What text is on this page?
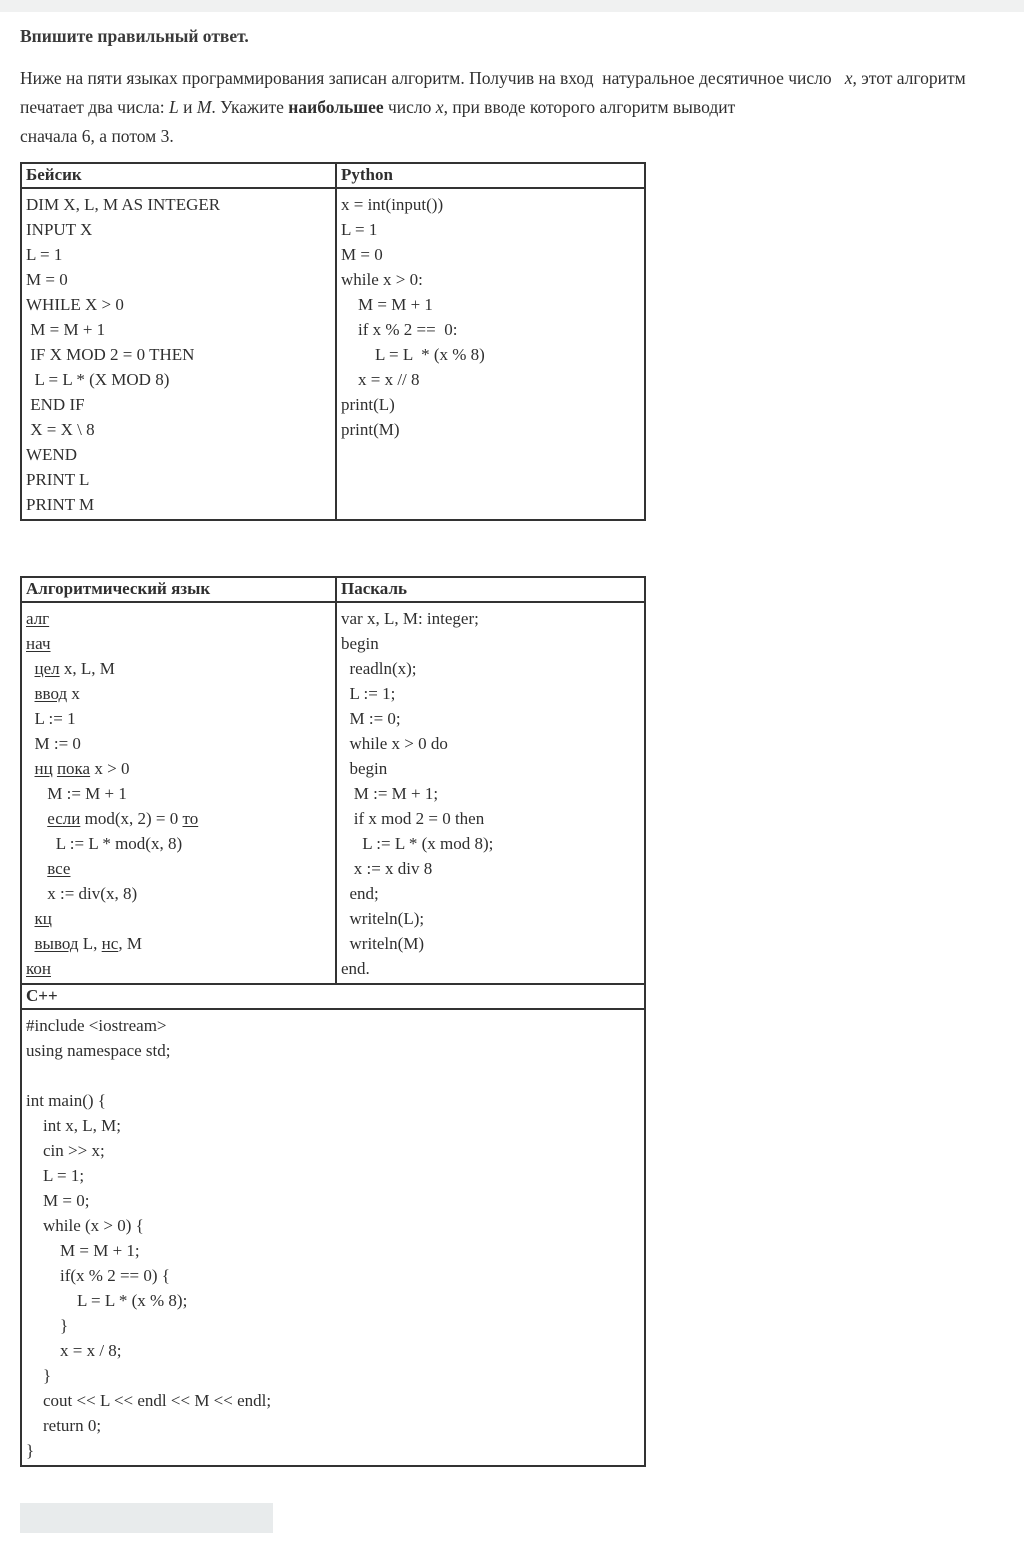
Впишите правильный ответ.
Ниже на пяти языках программирования записан алгоритм. Получив на вход  натуральное десятичное число   x, этот алгоритм
печатает два числа: L и M. Укажите наибольшее число x, при вводе которого алгоритм выводит
сначала 6, а потом 3.
Бейсик	Python

DIM X, L, M AS INTEGER
INPUT X
L = 1
M = 0
WHILE X > 0
M = M + 1
IF X MOD 2 = 0 THEN
L = L * (X MOD 8)
END IF
X = X \ 8
WEND
PRINT L
PRINT M

x = int(input())
L = 1
M = 0
while x > 0:
M = M + 1
if x % 2 ==  0:
L = L  * (x % 8)
x = x // 8
print(L)
print(M)
Алгоритмический язык	Паскаль

алг
нач
цел x, L, M
ввод x
L := 1
M := 0
нц пока x > 0
M := M + 1
если mod(x, 2) = 0 то
L := L * mod(x, 8)
все
x := div(x, 8)
кц
вывод L, нс, M
кон

var x, L, M: integer;
begin
readln(x);
L := 1;
M := 0;
while x > 0 do
begin
M := M + 1;
if x mod 2 = 0 then
L := L * (x mod 8);
x := x div 8
end;
writeln(L);
writeln(M)
end.

C++	

#include <iostream>
using namespace std;
int main() {
int x, L, M;
cin >> x;
L = 1;
M = 0;
while (x > 0) {
M = M + 1;
if(x % 2 == 0) {
L = L * (x % 8);
}
x = x / 8;
}
cout << L << endl << M << endl;
return 0;
}
